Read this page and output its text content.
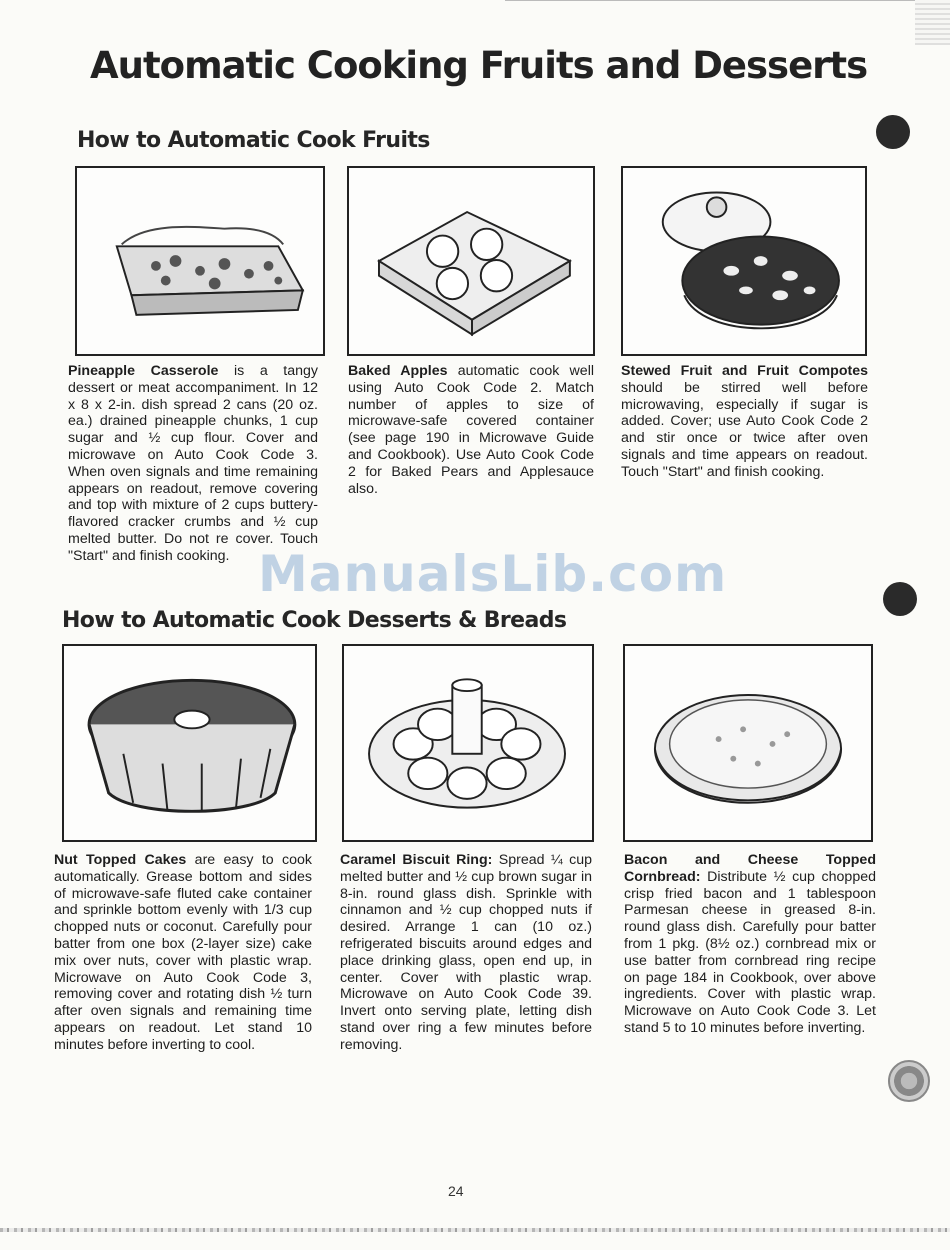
Automatic Cooking Fruits and Desserts
How to Automatic Cook Fruits

Pineapple Casserole is a tangy dessert or meat accompaniment. In 12 x 8 x 2-in. dish spread 2 cans (20 oz. ea.) drained pineapple chunks, 1 cup sugar and ½ cup flour. Cover and microwave on Auto Cook Code 3. When oven signals and time remaining appears on readout, remove covering and top with mixture of 2 cups buttery-flavored cracker crumbs and ½ cup melted butter. Do not re cover. Touch "Start" and finish cooking.

Baked Apples automatic cook well using Auto Cook Code 2. Match number of apples to size of microwave-safe covered container (see page 190 in Microwave Guide and Cookbook). Use Auto Cook Code 2 for Baked Pears and Applesauce also.

Stewed Fruit and Fruit Compotes should be stirred well before microwaving, especially if sugar is added. Cover; use Auto Cook Code 2 and stir once or twice after oven signals and time appears on readout. Touch "Start" and finish cooking.

ManualsLib.com
How to Automatic Cook Desserts & Breads

Nut Topped Cakes are easy to cook automatically. Grease bottom and sides of microwave-safe fluted cake container and sprinkle bottom evenly with 1/3 cup chopped nuts or coconut. Carefully pour batter from one box (2-layer size) cake mix over nuts, cover with plastic wrap. Microwave on Auto Cook Code 3, removing cover and rotating dish ½ turn after oven signals and remaining time appears on readout. Let stand 10 minutes before inverting to cool.

Caramel Biscuit Ring: Spread ¼ cup melted butter and ½ cup brown sugar in 8-in. round glass dish. Sprinkle with cinnamon and ½ cup chopped nuts if desired. Arrange 1 can (10 oz.) refrigerated biscuits around edges and place drinking glass, open end up, in center. Cover with plastic wrap. Microwave on Auto Cook Code 39. Invert onto serving plate, letting dish stand over ring a few minutes before removing.

Bacon and Cheese Topped Cornbread: Distribute ½ cup chopped crisp fried bacon and 1 tablespoon Parmesan cheese in greased 8-in. round glass dish. Carefully pour batter from 1 pkg. (8½ oz.) cornbread mix or use batter from cornbread ring recipe on page 184 in Cookbook, over above ingredients. Cover with plastic wrap. Microwave on Auto Cook Code 3. Let stand 5 to 10 minutes before inverting.

24
